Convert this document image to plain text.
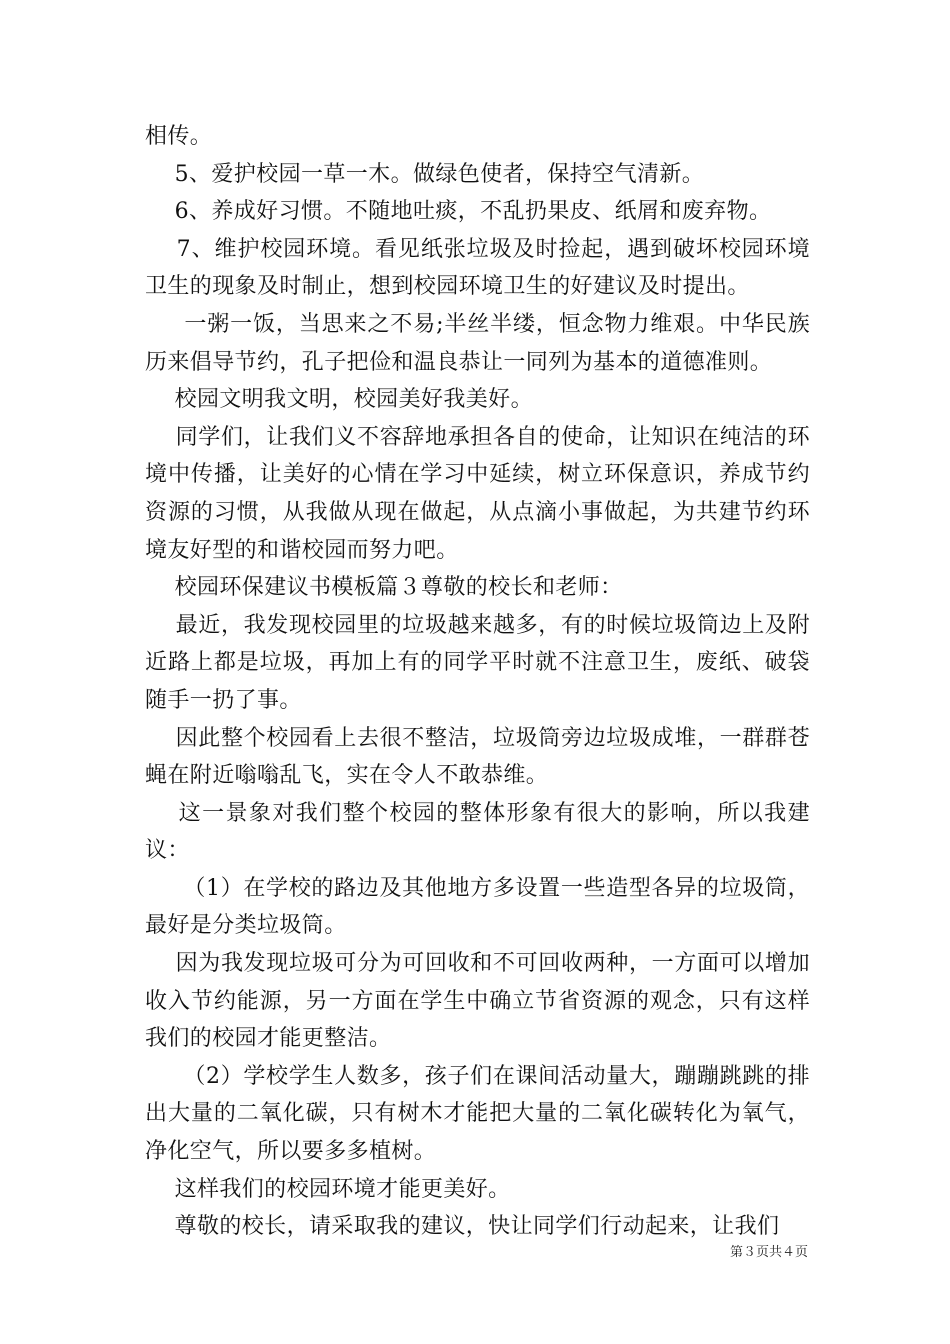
相传。

5、爱护校园一草一木。做绿色使者，保持空气清新。

6、养成好习惯。不随地吐痰，不乱扔果皮、纸屑和废弃物。

7、维护校园环境。看见纸张垃圾及时捡起，遇到破坏校园环境卫生的现象及时制止，想到校园环境卫生的好建议及时提出。

一粥一饭，当思来之不易;半丝半缕，恒念物力维艰。中华民族历来倡导节约，孔子把俭和温良恭让一同列为基本的道德准则。

校园文明我文明，校园美好我美好。

同学们，让我们义不容辞地承担各自的使命，让知识在纯洁的环境中传播，让美好的心情在学习中延续，树立环保意识，养成节约资源的习惯，从我做从现在做起，从点滴小事做起，为共建节约环境友好型的和谐校园而努力吧。

校园环保建议书模板篇３尊敬的校长和老师：

最近，我发现校园里的垃圾越来越多，有的时候垃圾筒边上及附近路上都是垃圾，再加上有的同学平时就不注意卫生，废纸、破袋随手一扔了事。

因此整个校园看上去很不整洁，垃圾筒旁边垃圾成堆，一群群苍蝇在附近嗡嗡乱飞，实在令人不敢恭维。

这一景象对我们整个校园的整体形象有很大的影响，所以我建议：

（1）在学校的路边及其他地方多设置一些造型各异的垃圾筒，最好是分类垃圾筒。

因为我发现垃圾可分为可回收和不可回收两种，一方面可以增加收入节约能源，另一方面在学生中确立节省资源的观念，只有这样我们的校园才能更整洁。

（2）学校学生人数多，孩子们在课间活动量大，蹦蹦跳跳的排出大量的二氧化碳，只有树木才能把大量的二氧化碳转化为氧气，净化空气，所以要多多植树。

这样我们的校园环境才能更美好。

尊敬的校长，请采取我的建议，快让同学们行动起来，让我们

第３页共４页
